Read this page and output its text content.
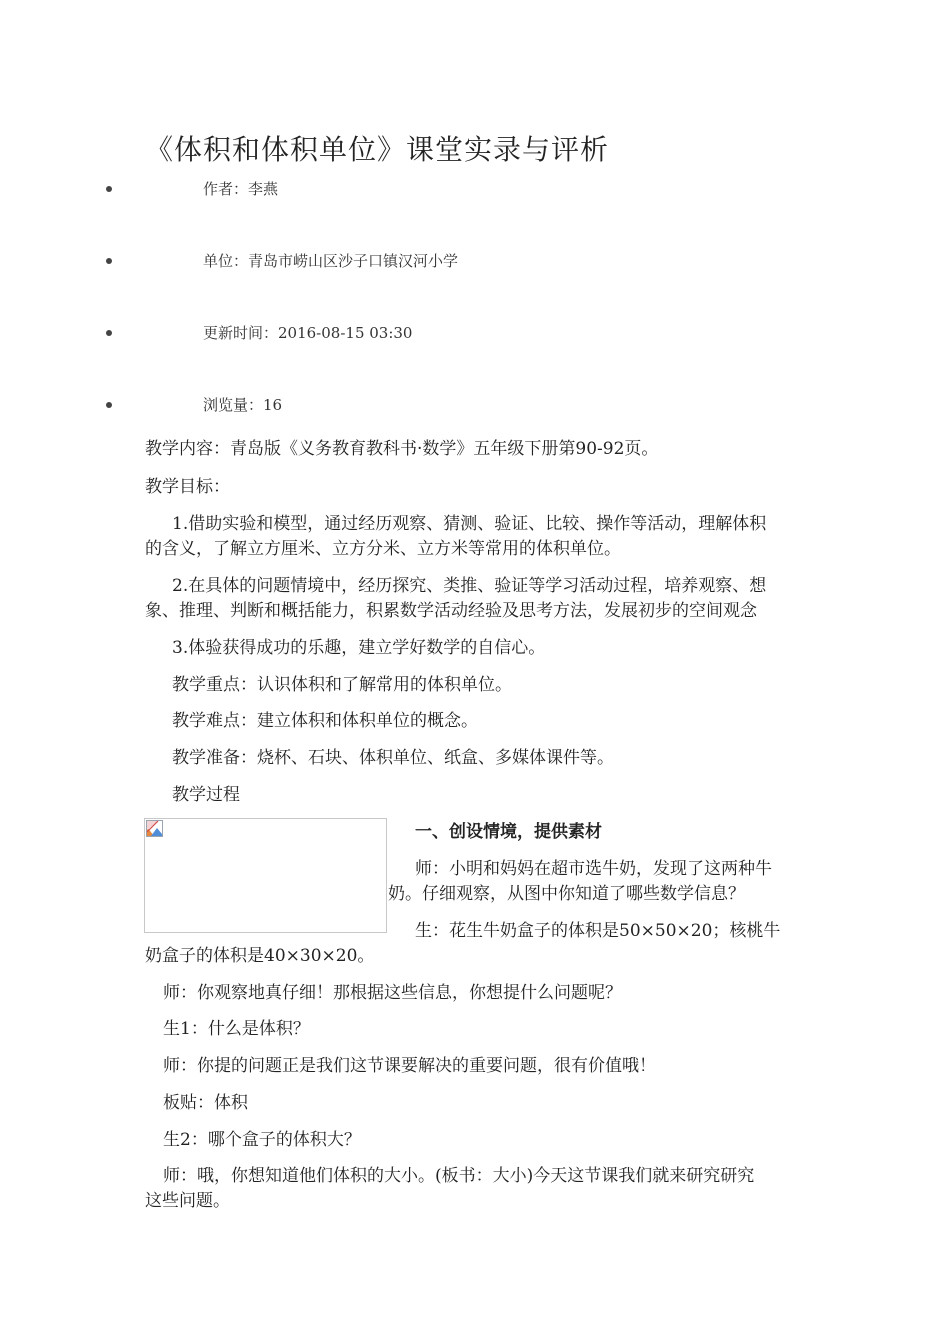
《体积和体积单位》课堂实录与评析
作者：李燕
单位：青岛市崂山区沙子口镇汉河小学
更新时间：2016-08-15 03:30
浏览量：16
教学内容：青岛版《义务教育教科书·数学》五年级下册第90-92页。
教学目标：
1.借助实验和模型，通过经历观察、猜测、验证、比较、操作等活动，理解体积
的含义，了解立方厘米、立方分米、立方米等常用的体积单位。
2.在具体的问题情境中，经历探究、类推、验证等学习活动过程，培养观察、想
象、推理、判断和概括能力，积累数学活动经验及思考方法，发展初步的空间观念
3.体验获得成功的乐趣，建立学好数学的自信心。
教学重点：认识体积和了解常用的体积单位。
教学难点：建立体积和体积单位的概念。
教学准备：烧杯、石块、体积单位、纸盒、多媒体课件等。
教学过程
一、创设情境，提供素材
师：小明和妈妈在超市选牛奶，发现了这两种牛
奶。仔细观察，从图中你知道了哪些数学信息？
生：花生牛奶盒子的体积是50×50×20；核桃牛
奶盒子的体积是40×30×20。
师：你观察地真仔细！那根据这些信息，你想提什么问题呢？
生1：什么是体积？
师：你提的问题正是我们这节课要解决的重要问题，很有价值哦！
板贴：体积
生2：哪个盒子的体积大？
师：哦，你想知道他们体积的大小。(板书：大小)今天这节课我们就来研究研究
这些问题。
